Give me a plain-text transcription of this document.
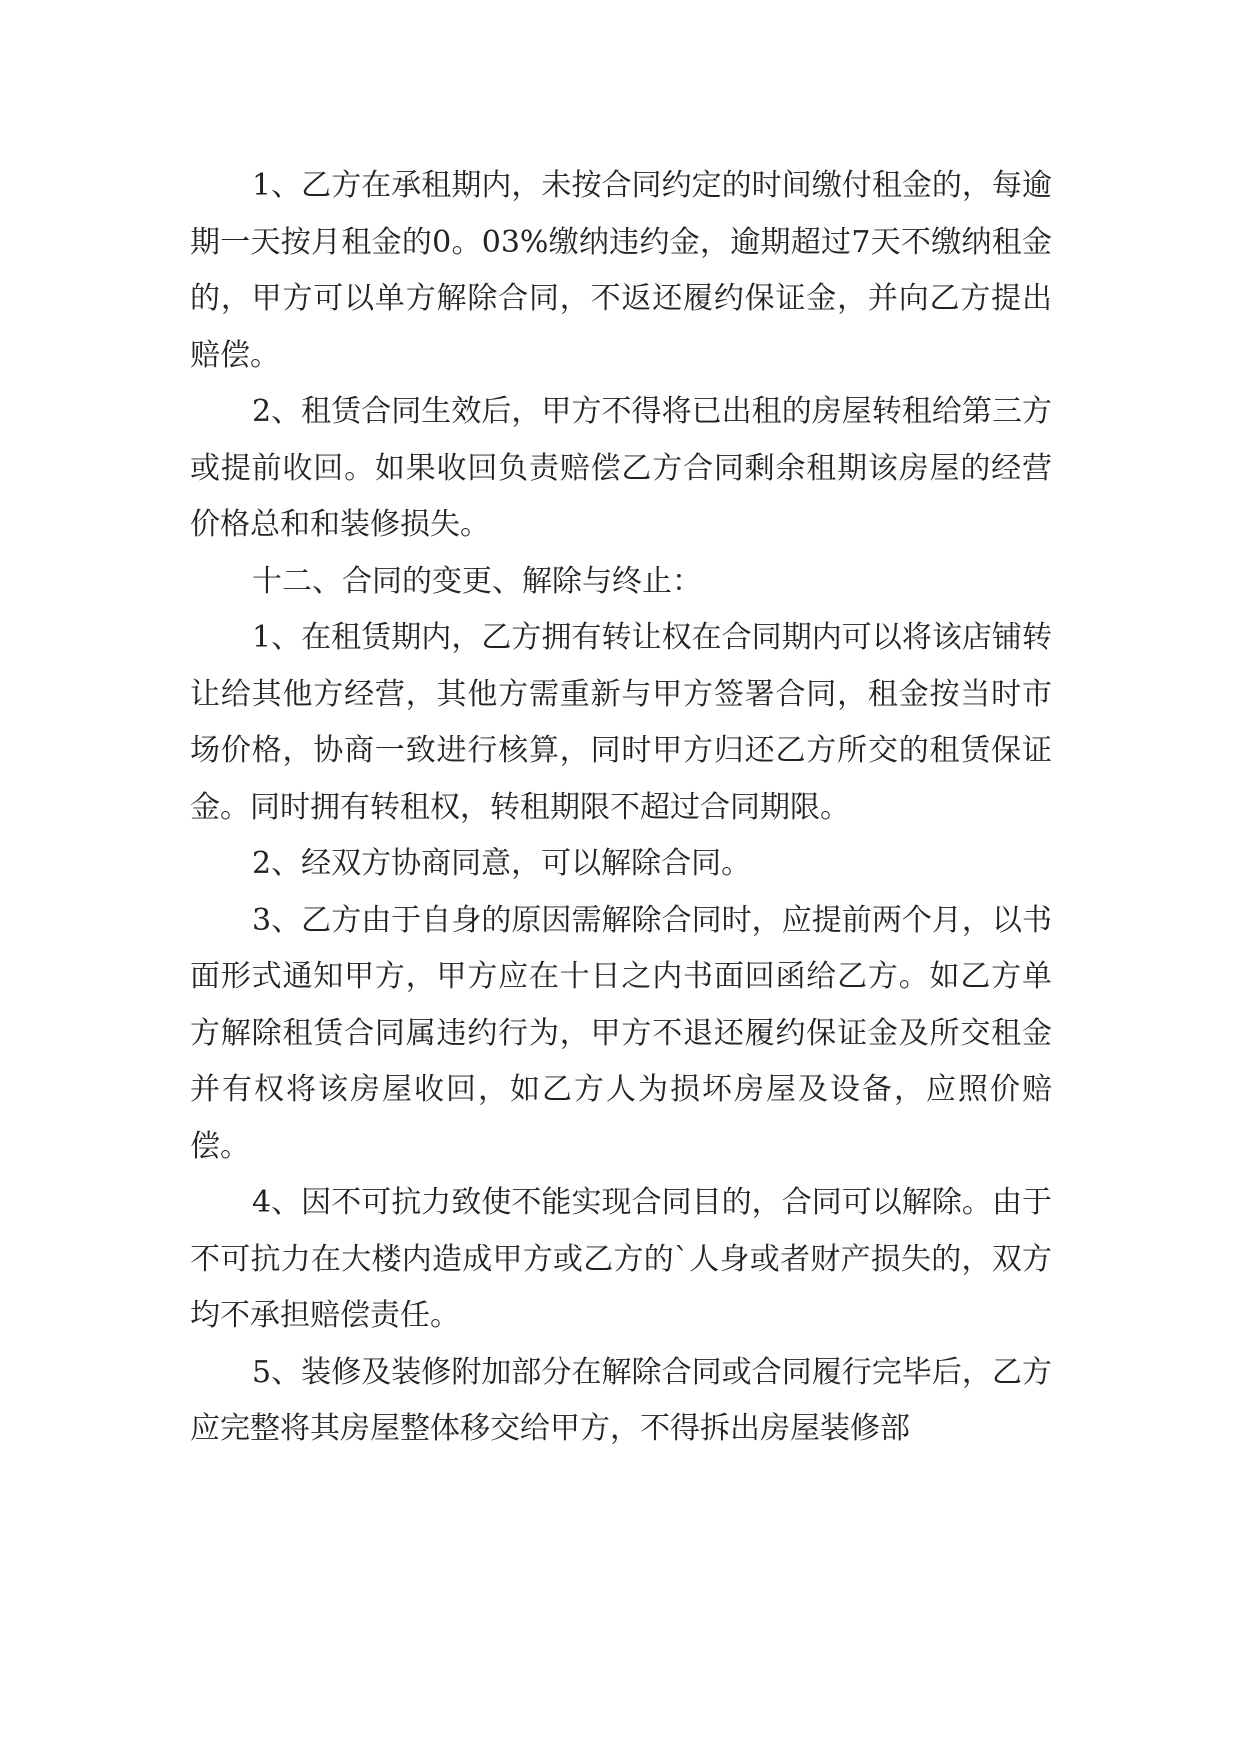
1、乙方在承租期内，未按合同约定的时间缴付租金的，每逾期一天按月租金的0。03%缴纳违约金，逾期超过7天不缴纳租金的，甲方可以单方解除合同，不返还履约保证金，并向乙方提出赔偿。

2、租赁合同生效后，甲方不得将已出租的房屋转租给第三方或提前收回。如果收回负责赔偿乙方合同剩余租期该房屋的经营价格总和和装修损失。

十二、合同的变更、解除与终止：

1、在租赁期内，乙方拥有转让权在合同期内可以将该店铺转让给其他方经营，其他方需重新与甲方签署合同，租金按当时市场价格，协商一致进行核算，同时甲方归还乙方所交的租赁保证金。同时拥有转租权，转租期限不超过合同期限。

2、经双方协商同意，可以解除合同。

3、乙方由于自身的原因需解除合同时，应提前两个月，以书面形式通知甲方，甲方应在十日之内书面回函给乙方。如乙方单方解除租赁合同属违约行为，甲方不退还履约保证金及所交租金并有权将该房屋收回，如乙方人为损坏房屋及设备，应照价赔偿。

4、因不可抗力致使不能实现合同目的，合同可以解除。由于不可抗力在大楼内造成甲方或乙方的`人身或者财产损失的，双方均不承担赔偿责任。

5、装修及装修附加部分在解除合同或合同履行完毕后，乙方应完整将其房屋整体移交给甲方，不得拆出房屋装修部
